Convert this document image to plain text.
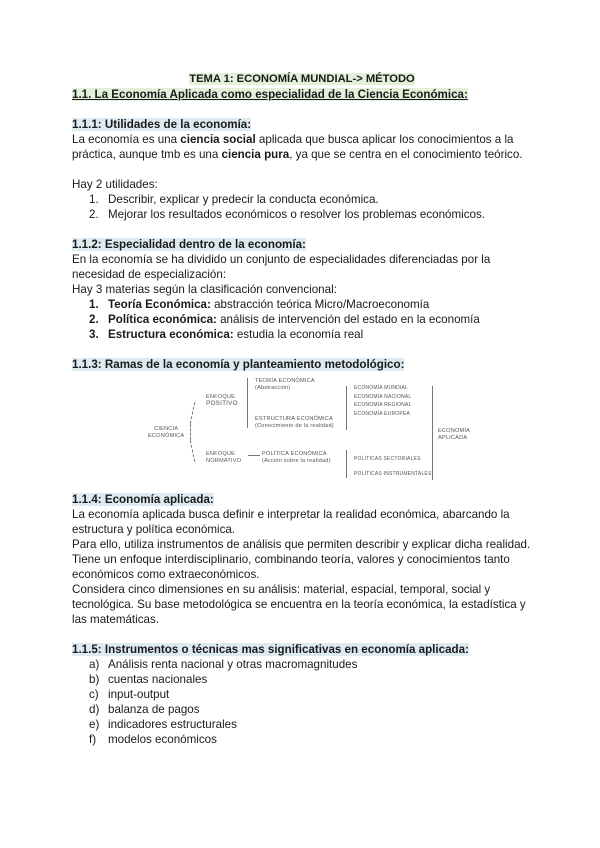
TEMA 1: ECONOMÍA MUNDIAL-> MÉTODO
1.1. La Economía Aplicada como especialidad de la Ciencia Económica:
1.1.1: Utilidades de la economía:

La economía es una ciencia social aplicada que busca aplicar los conocimientos a la práctica, aunque tmb es una ciencia pura, ya que se centra en el conocimiento teórico.

Hay 2 utilidades:

1. Describir, explicar y predecir la conducta económica.
2. Mejorar los resultados económicos o resolver los problemas económicos.
1.1.2: Especialidad dentro de la economía:

En la economía se ha dividido un conjunto de especialidades diferenciadas por la necesidad de especialización:

Hay 3 materias según la clasificación convencional:

1. Teoría Económica: abstracción teórica Micro/Macroeconomía
2. Política económica: análisis de intervención del estado en la economía
3. Estructura económica: estudia la economía real
1.1.3: Ramas de la economía y planteamiento metodológico:
CIENCIA
ECONÓMICA
ENFOQUE
POSITIVO
ENFOQUE
NORMATIVO
TEORÍA ECONÓMICA
(Abstracción)
ESTRUCTURA ECONÓMICA
(Conocimiento de la realidad)
POLÍTICA ECONÓMICA
(Acción sobre la realidad)
ECONOMÍA MUNDIAL
ECONOMÍA NACIONAL
ECONOMÍA REGIONAL
ECONOMÍA EUROPEA
POLÍTICAS SECTORIALES
POLÍTICAS INSTRUMENTALES
ECONOMÍA
APLICADA
1.1.4: Economía aplicada:

La economía aplicada busca definir e interpretar la realidad económica, abarcando la estructura y política económica.

Para ello, utiliza instrumentos de análisis que permiten describir y explicar dicha realidad.

Tiene un enfoque interdisciplinario, combinando teoría, valores y conocimientos tanto económicos como extraeconómicos.

Considera cinco dimensiones en su análisis: material, espacial, temporal, social y tecnológica. Su base metodológica se encuentra en la teoría económica, la estadística y las matemáticas.

1.1.5: Instrumentos o técnicas mas significativas en economía aplicada:
a) Análisis renta nacional y otras macromagnitudes
b) cuentas nacionales
c) input-output
d) balanza de pagos
e) indicadores estructurales
f) modelos económicos
